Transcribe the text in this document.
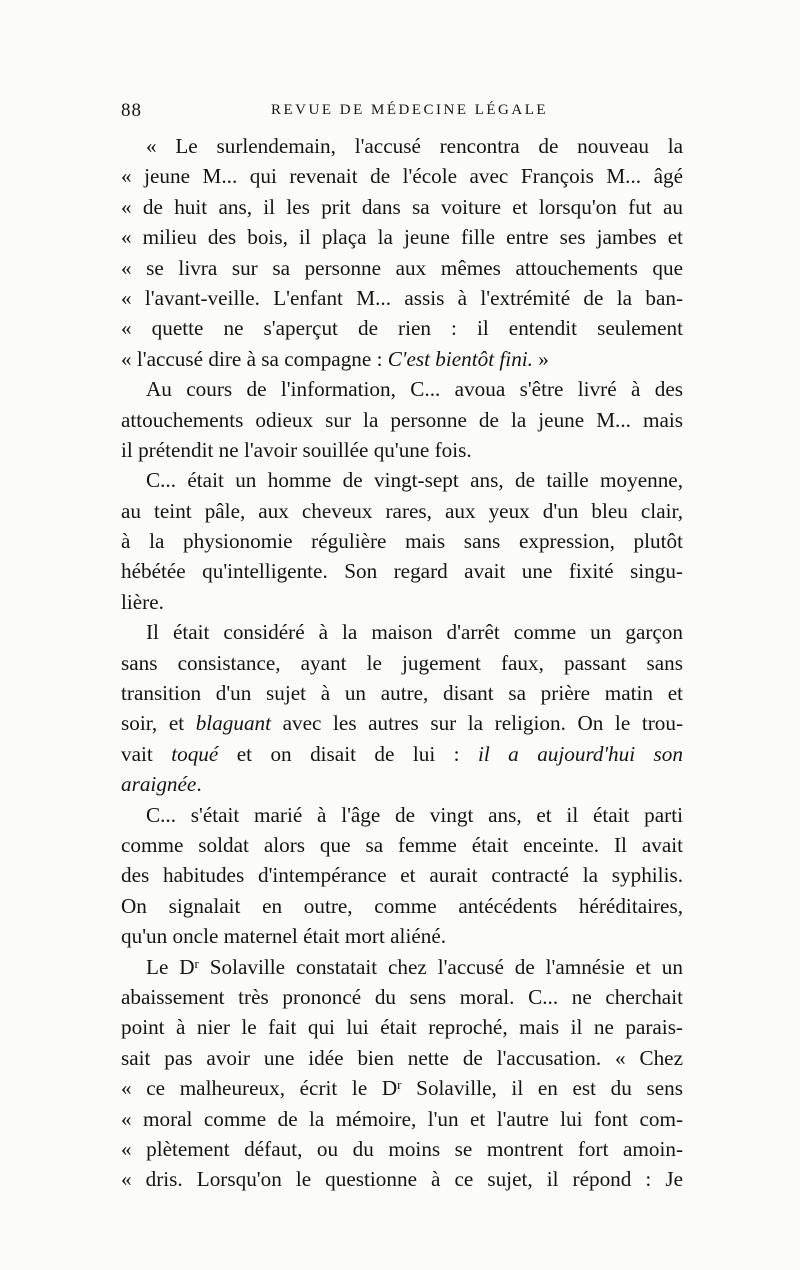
88	REVUE DE MÉDECINE LÉGALE
« Le surlendemain, l'accusé rencontra de nouveau la
« jeune M... qui revenait de l'école avec François M... âgé
« de huit ans, il les prit dans sa voiture et lorsqu'on fut au
« milieu des bois, il plaça la jeune fille entre ses jambes et
« se livra sur sa personne aux mêmes attouchements que
« l'avant-veille. L'enfant M... assis à l'extrémité de la ban-
« quette ne s'aperçut de rien : il entendit seulement
« l'accusé dire à sa compagne : C'est bientôt fini. »
Au cours de l'information, C... avoua s'être livré à des
attouchements odieux sur la personne de la jeune M... mais
il prétendit ne l'avoir souillée qu'une fois.
C... était un homme de vingt-sept ans, de taille moyenne,
au teint pâle, aux cheveux rares, aux yeux d'un bleu clair,
à la physionomie régulière mais sans expression, plutôt
hébétée qu'intelligente. Son regard avait une fixité singu-
lière.
Il était considéré à la maison d'arrêt comme un garçon
sans consistance, ayant le jugement faux, passant sans
transition d'un sujet à un autre, disant sa prière matin et
soir, et blaguant avec les autres sur la religion. On le trou-
vait toqué et on disait de lui : il a aujourd'hui son
araignée.
C... s'était marié à l'âge de vingt ans, et il était parti
comme soldat alors que sa femme était enceinte. Il avait
des habitudes d'intempérance et aurait contracté la syphilis.
On signalait en outre, comme antécédents héréditaires,
qu'un oncle maternel était mort aliéné.
Le $D^r$ Solaville constatait chez l'accusé de l'amnésie et un
abaissement très prononcé du sens moral. C... ne cherchait
point à nier le fait qui lui était reproché, mais il ne parais-
sait pas avoir une idée bien nette de l'accusation. « Chez
« ce malheureux, écrit le $D^r$ Solaville, il en est du sens
« moral comme de la mémoire, l'un et l'autre lui font com-
« plètement défaut, ou du moins se montrent fort amoin-
« dris. Lorsqu'on le questionne à ce sujet, il répond : Je
